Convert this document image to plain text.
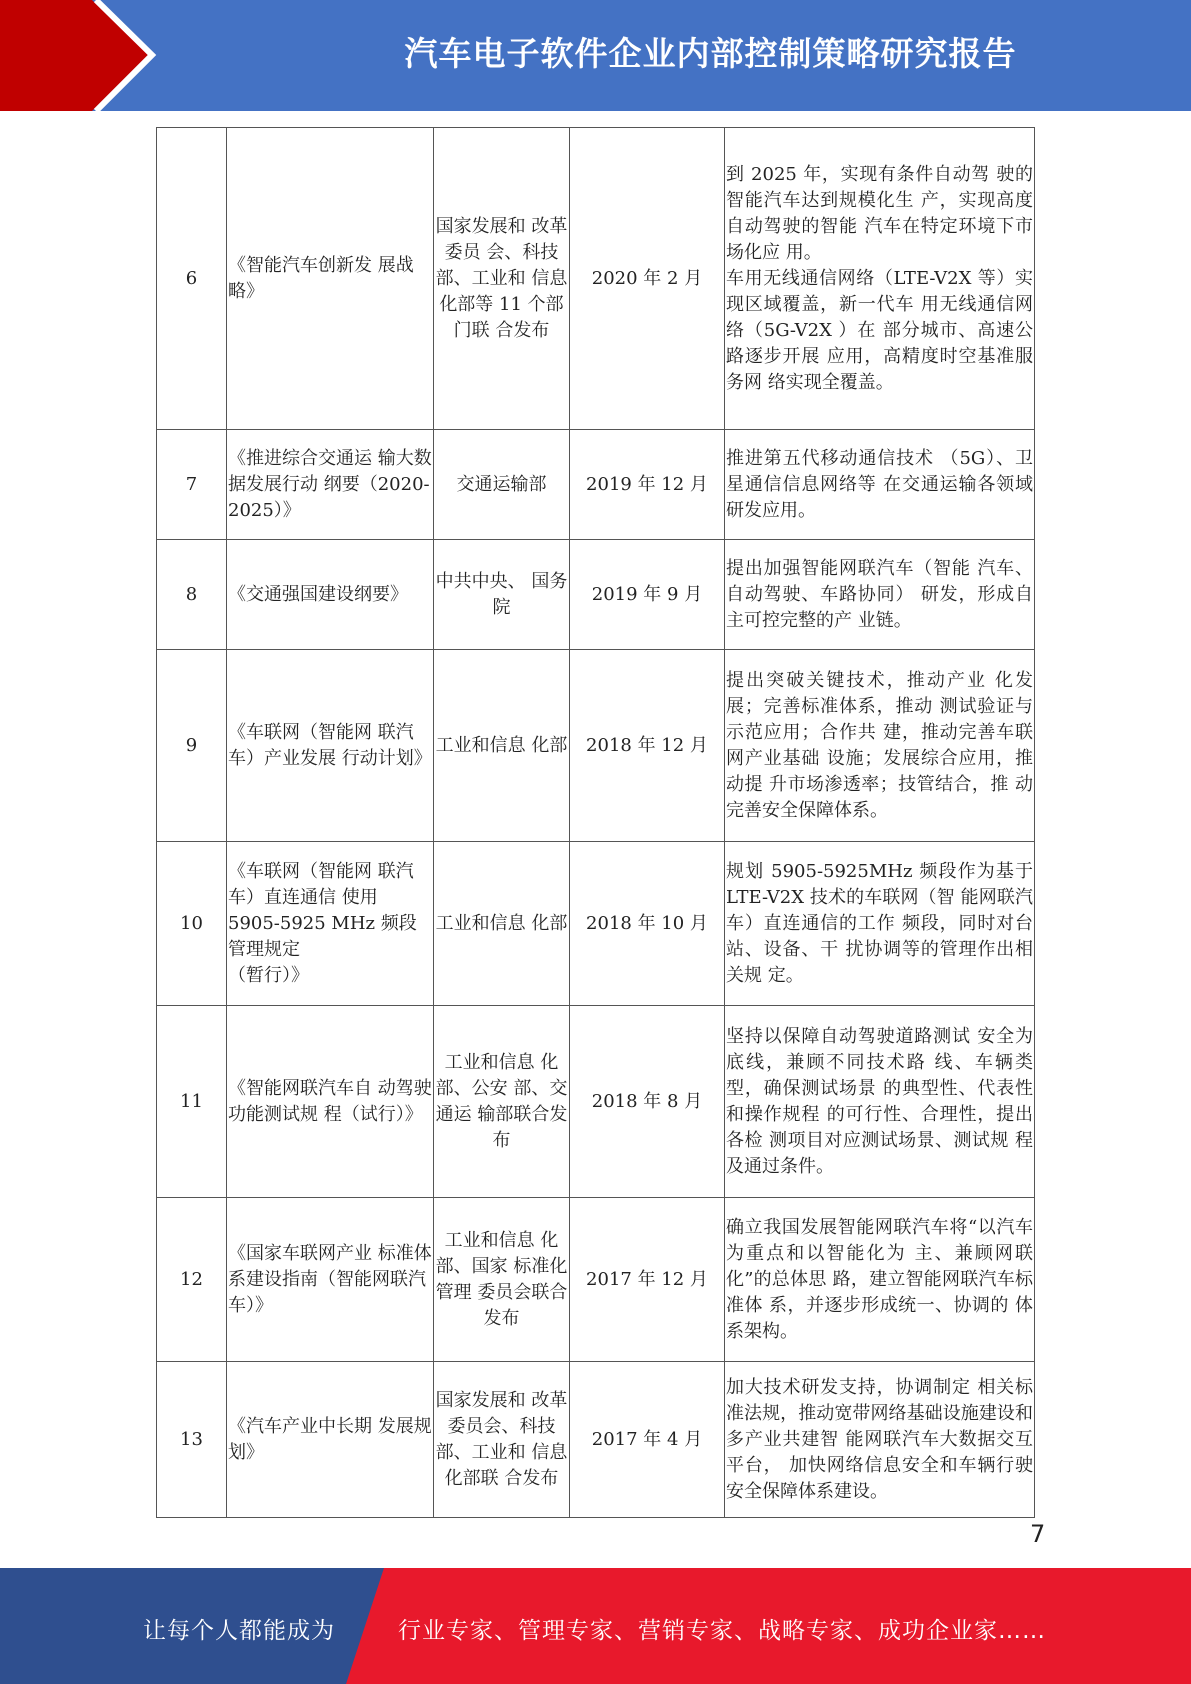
汽车电子软件企业内部控制策略研究报告
6	《智能汽车创新发 展战略》	国家发展和 改革委员 会、科技 部、工业和 信息化部等 11 个部门联 合发布	2020 年 2 月	到 2025 年，实现有条件自动驾 驶的智能汽车达到规模化生 产，实现高度自动驾驶的智能 汽车在特定环境下市场化应 用。
车用无线通信网络（LTE-V2X 等）实现区域覆盖，新一代车 用无线通信网络（5G-V2X ）在 部分城市、高速公路逐步开展 应用，高精度时空基准服务网 络实现全覆盖。
7	《推进综合交通运 输大数据发展行动 纲要（2020-2025）》	交通运输部	2019 年 12 月	推进第五代移动通信技术 （5G）、卫星通信信息网络等 在交通运输各领域研发应用。
8	《交通强国建设纲要》	中共中央、 国务院	2019 年 9 月	提出加强智能网联汽车（智能 汽车、自动驾驶、车路协同） 研发，形成自主可控完整的产 业链。
9	《车联网（智能网 联汽车）产业发展 行动计划》	工业和信息 化部	2018 年 12 月	提出突破关键技术，推动产业 化发展；完善标准体系，推动 测试验证与示范应用；合作共 建，推动完善车联网产业基础 设施；发展综合应用，推动提 升市场渗透率；技管结合，推 动完善安全保障体系。
10	《车联网（智能网 联汽车）直连通信 使用 5905-5925 MHz 频段管理规定
（暂行）》	工业和信息 化部	2018 年 10 月	规划 5905-5925MHz 频段作为基于 LTE-V2X 技术的车联网（智 能网联汽车）直连通信的工作 频段，同时对台站、设备、干 扰协调等的管理作出相关规 定。
11	《智能网联汽车自 动驾驶功能测试规 程（试行）》	工业和信息 化部、公安 部、交通运 输部联合发 布	2018 年 8 月	坚持以保障自动驾驶道路测试 安全为底线，兼顾不同技术路 线、车辆类型，确保测试场景 的典型性、代表性和操作规程 的可行性、合理性，提出各检 测项目对应测试场景、测试规 程及通过条件。
12	《国家车联网产业 标准体系建设指南（智能网联汽 车）》	工业和信息 化部、国家 标准化管理 委员会联合 发布	2017 年 12 月	确立我国发展智能网联汽车将“以汽车为重点和以智能化为 主、兼顾网联化”的总体思 路，建立智能网联汽车标准体 系，并逐步形成统一、协调的 体系架构。
13	《汽车产业中长期 发展规划》	国家发展和 改革委员会、科技 部、工业和 信息化部联 合发布	2017 年 4 月	加大技术研发支持，协调制定 相关标准法规，推动宽带网络基础设施建设和多产业共建智 能网联汽车大数据交互平台， 加快网络信息安全和车辆行驶 安全保障体系建设。
7
让每个人都能成为	行业专家、管理专家、营销专家、战略专家、成功企业家……
